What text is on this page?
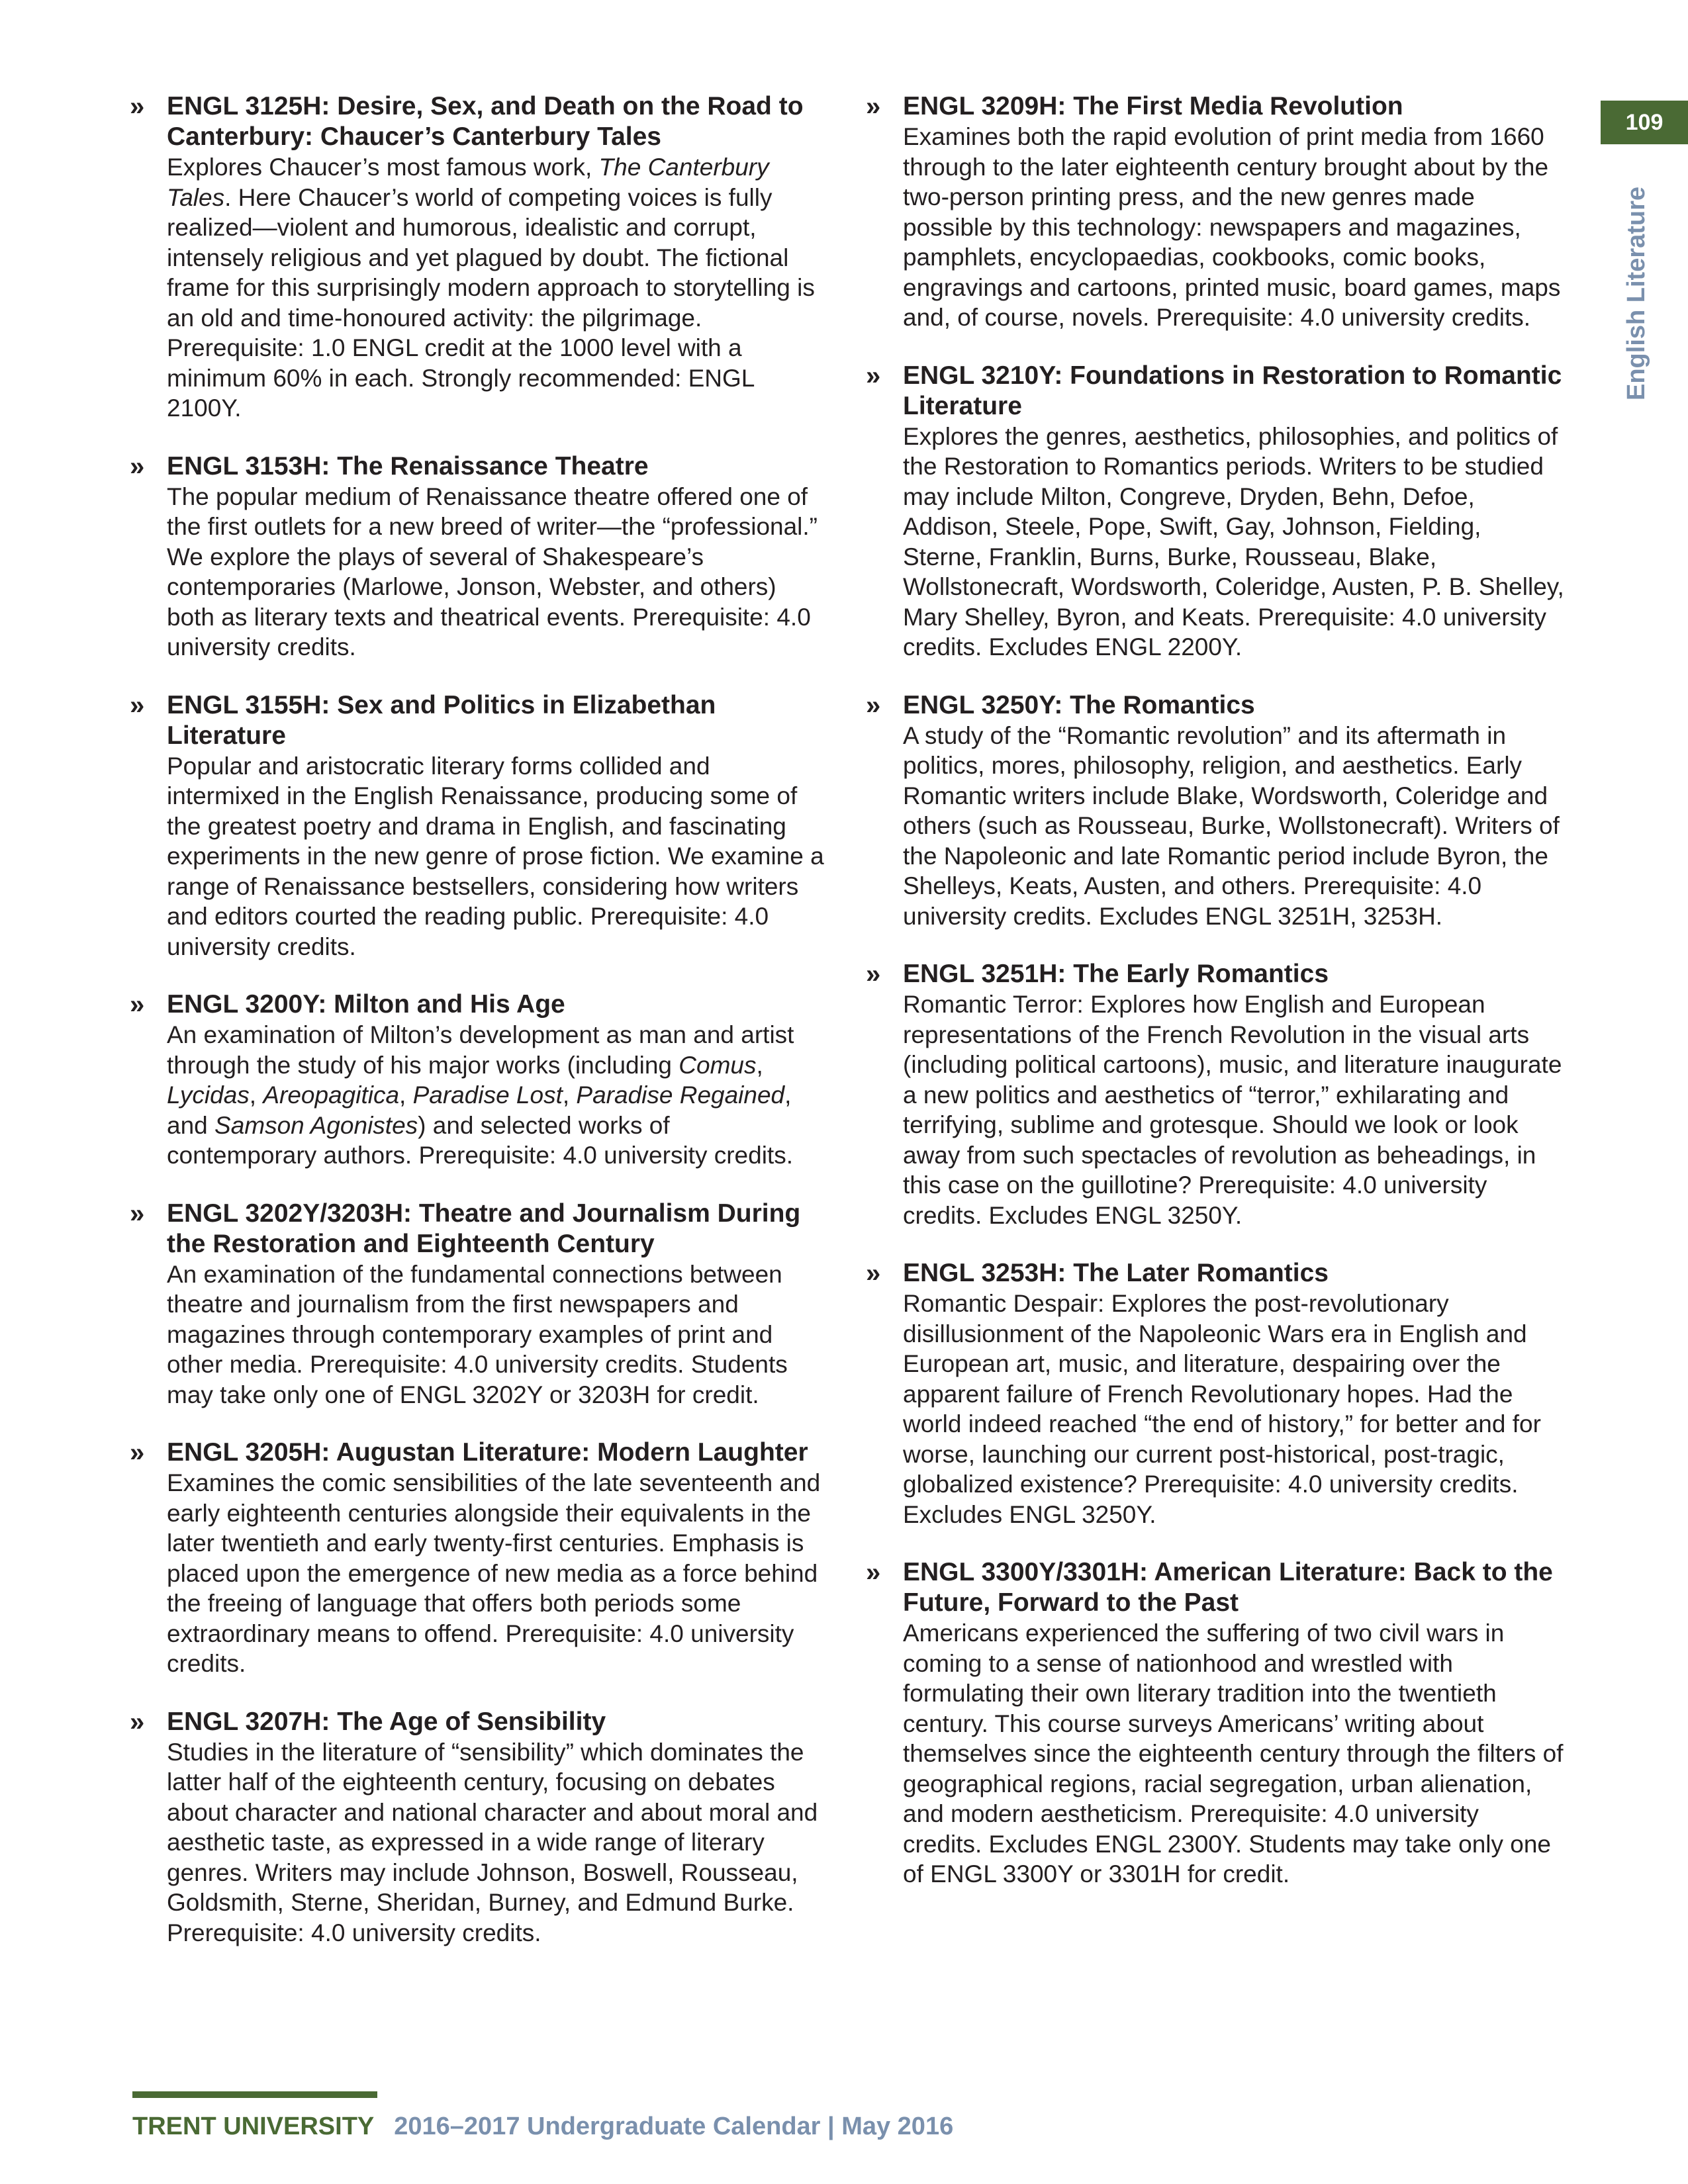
» ENGL 3125H: Desire, Sex, and Death on the Road to Canterbury: Chaucer’s Canterbury Tales
Explores Chaucer’s most famous work, The Canterbury Tales. Here Chaucer’s world of competing voices is fully realized—violent and humorous, idealistic and corrupt, intensely religious and yet plagued by doubt. The fictional frame for this surprisingly modern approach to storytelling is an old and time-honoured activity: the pilgrimage. Prerequisite: 1.0 ENGL credit at the 1000 level with a minimum 60% in each. Strongly recommended: ENGL 2100Y.
» ENGL 3153H: The Renaissance Theatre
The popular medium of Renaissance theatre offered one of the first outlets for a new breed of writer—the “professional.” We explore the plays of several of Shakespeare’s contemporaries (Marlowe, Jonson, Webster, and others) both as literary texts and theatrical events. Prerequisite: 4.0 university credits.
» ENGL 3155H: Sex and Politics in Elizabethan Literature
Popular and aristocratic literary forms collided and intermixed in the English Renaissance, producing some of the greatest poetry and drama in English, and fascinating experiments in the new genre of prose fiction. We examine a range of Renaissance bestsellers, considering how writers and editors courted the reading public. Prerequisite: 4.0 university credits.
» ENGL 3200Y: Milton and His Age
An examination of Milton’s development as man and artist through the study of his major works (including Comus, Lycidas, Areopagitica, Paradise Lost, Paradise Regained, and Samson Agonistes) and selected works of contemporary authors. Prerequisite: 4.0 university credits.
» ENGL 3202Y/3203H: Theatre and Journalism During the Restoration and Eighteenth Century
An examination of the fundamental connections between theatre and journalism from the first newspapers and magazines through contemporary examples of print and other media. Prerequisite: 4.0 university credits. Students may take only one of ENGL 3202Y or 3203H for credit.
» ENGL 3205H: Augustan Literature: Modern Laughter
Examines the comic sensibilities of the late seventeenth and early eighteenth centuries alongside their equivalents in the later twentieth and early twenty-first centuries. Emphasis is placed upon the emergence of new media as a force behind the freeing of language that offers both periods some extraordinary means to offend. Prerequisite: 4.0 university credits.
» ENGL 3207H: The Age of Sensibility
Studies in the literature of “sensibility” which dominates the latter half of the eighteenth century, focusing on debates about character and national character and about moral and aesthetic taste, as expressed in a wide range of literary genres. Writers may include Johnson, Boswell, Rousseau, Goldsmith, Sterne, Sheridan, Burney, and Edmund Burke. Prerequisite: 4.0 university credits.
» ENGL 3209H: The First Media Revolution
Examines both the rapid evolution of print media from 1660 through to the later eighteenth century brought about by the two-person printing press, and the new genres made possible by this technology: newspapers and magazines, pamphlets, encyclopaedias, cookbooks, comic books, engravings and cartoons, printed music, board games, maps and, of course, novels. Prerequisite: 4.0 university credits.
» ENGL 3210Y: Foundations in Restoration to Romantic Literature
Explores the genres, aesthetics, philosophies, and politics of the Restoration to Romantics periods. Writers to be studied may include Milton, Congreve, Dryden, Behn, Defoe, Addison, Steele, Pope, Swift, Gay, Johnson, Fielding, Sterne, Franklin, Burns, Burke, Rousseau, Blake, Wollstonecraft, Wordsworth, Coleridge, Austen, P. B. Shelley, Mary Shelley, Byron, and Keats. Prerequisite: 4.0 university credits. Excludes ENGL 2200Y.
» ENGL 3250Y: The Romantics
A study of the “Romantic revolution” and its aftermath in politics, mores, philosophy, religion, and aesthetics. Early Romantic writers include Blake, Wordsworth, Coleridge and others (such as Rousseau, Burke, Wollstonecraft). Writers of the Napoleonic and late Romantic period include Byron, the Shelleys, Keats, Austen, and others. Prerequisite: 4.0 university credits. Excludes ENGL 3251H, 3253H.
» ENGL 3251H: The Early Romantics
Romantic Terror: Explores how English and European representations of the French Revolution in the visual arts (including political cartoons), music, and literature inaugurate a new politics and aesthetics of “terror,” exhilarating and terrifying, sublime and grotesque. Should we look or look away from such spectacles of revolution as beheadings, in this case on the guillotine? Prerequisite: 4.0 university credits. Excludes ENGL 3250Y.
» ENGL 3253H: The Later Romantics
Romantic Despair: Explores the post-revolutionary disillusionment of the Napoleonic Wars era in English and European art, music, and literature, despairing over the apparent failure of French Revolutionary hopes. Had the world indeed reached “the end of history,” for better and for worse, launching our current post-historical, post-tragic, globalized existence? Prerequisite: 4.0 university credits. Excludes ENGL 3250Y.
» ENGL 3300Y/3301H: American Literature: Back to the Future, Forward to the Past
Americans experienced the suffering of two civil wars in coming to a sense of nationhood and wrestled with formulating their own literary tradition into the twentieth century. This course surveys Americans’ writing about themselves since the eighteenth century through the filters of geographical regions, racial segregation, urban alienation, and modern aestheticism. Prerequisite: 4.0 university credits. Excludes ENGL 2300Y. Students may take only one of ENGL 3300Y or 3301H for credit.
109
English Literature
TRENT UNIVERSITY 2016–2017 Undergraduate Calendar | May 2016
